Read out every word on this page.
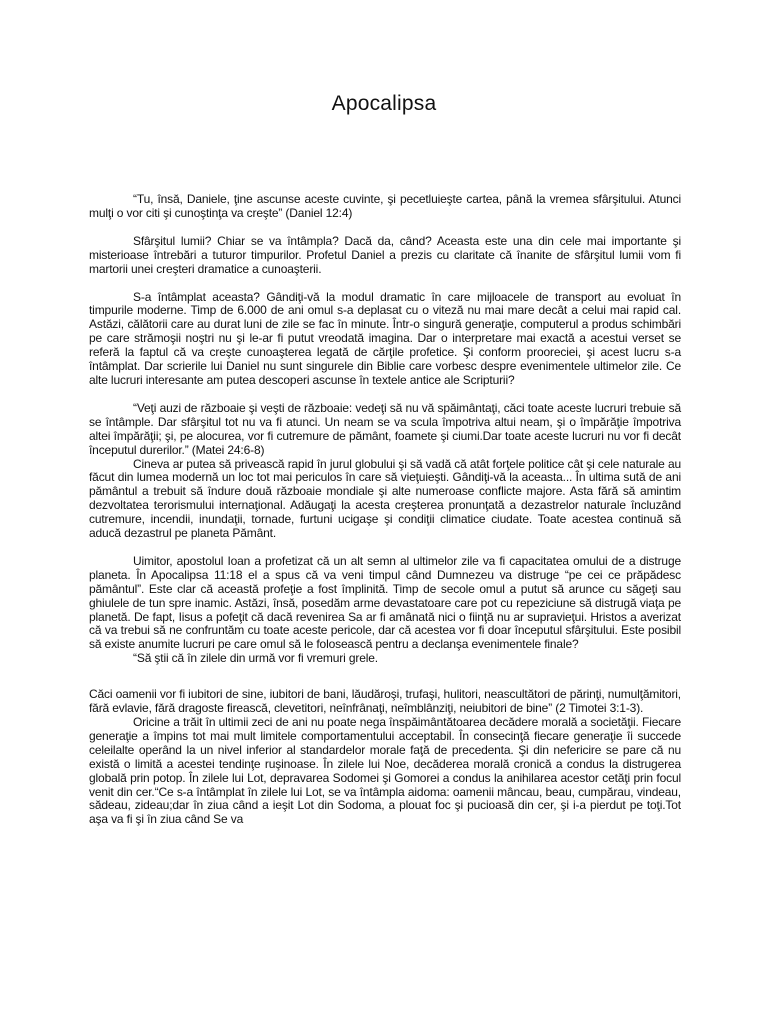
Apocalipsa

“Tu, însă, Daniele, ţine ascunse aceste cuvinte, şi pecetluieşte cartea, până la vremea sfârşitului. Atunci mulţi o vor citi şi cunoştinţa va creşte” (Daniel 12:4)

Sfârşitul lumii? Chiar se va întâmpla? Dacă da, când? Aceasta este una din cele mai importante şi misterioase întrebări a tuturor timpurilor. Profetul Daniel a prezis cu claritate că înanite de sfârşitul lumii vom fi martorii unei creşteri dramatice a cunoaşterii.

S-a întâmplat aceasta? Gândiţi-vă la modul dramatic în care mijloacele de transport au evoluat în timpurile moderne. Timp de 6.000 de ani omul s-a deplasat cu o viteză nu mai mare decât a celui mai rapid cal. Astăzi, călătorii care au durat luni de zile se fac în minute. Într-o singură generaţie, computerul a produs schimbări pe care strămoşii noştri nu şi le-ar fi putut vreodată imagina. Dar o interpretare mai exactă a acestui verset se referă la faptul că va creşte cunoaşterea legată de cărţile profetice. Şi conform prooreciei, şi acest lucru s-a întâmplat. Dar scrierile lui Daniel nu sunt singurele din Biblie care vorbesc despre evenimentele ultimelor zile. Ce alte lucruri interesante am putea descoperi ascunse în textele antice ale Scripturii?

“Veţi auzi de războaie şi veşti de războaie: vedeţi să nu vă spăimântaţi, căci toate aceste lucruri trebuie să se întâmple. Dar sfârşitul tot nu va fi atunci. Un neam se va scula împotriva altui neam, şi o împărăţie împotriva altei împărăţii; şi, pe alocurea, vor fi cutremure de pământ, foamete şi ciumi.Dar toate aceste lucruri nu vor fi decât începutul durerilor.” (Matei 24:6-8)

Cineva ar putea să privească rapid în jurul globului şi să vadă că atât forţele politice cât şi cele naturale au făcut din lumea modernă un loc tot mai periculos în care să vieţuieşti. Gândiţi-vă la aceasta... În ultima sută de ani pământul a trebuit să îndure două războaie mondiale şi alte numeroase conflicte majore. Asta fără să amintim dezvoltatea terorismului internaţional. Adăugaţi la acesta creşterea pronunţată a dezastrelor naturale încluzând cutremure, incendii, inundaţii, tornade, furtuni ucigaşe şi condiţii climatice ciudate. Toate acestea continuă să aducă dezastrul pe planeta Pământ.

Uimitor, apostolul Ioan a profetizat că un alt semn al ultimelor zile va fi capacitatea omului de a distruge planeta. În Apocalipsa 11:18 el a spus că va veni timpul când Dumnezeu va distruge “pe cei ce prăpădesc pământul”. Este clar că această profeţie a fost împlinită. Timp de secole omul a putut să arunce cu săgeţi sau ghiulele de tun spre inamic. Astăzi, însă, posedăm arme devastatoare care pot cu repeziciune să distrugă viaţa pe planetă. De fapt, Iisus a pofeţit că dacă revenirea Sa ar fi amânată nici o fiinţă nu ar supravieţui. Hristos a averizat că va trebui să ne confruntăm cu toate aceste pericole, dar că acestea vor fi doar începutul sfârşitului. Este posibil să existe anumite lucruri pe care omul să le folosească pentru a declanşa evenimentele finale?

“Să ştii că în zilele din urmă vor fi vremuri grele.

Căci oamenii vor fi iubitori de sine, iubitori de bani, lăudăroşi, trufaşi, hulitori, neascultători de părinţi, numulţămitori, fără evlavie, fără dragoste firească, clevetitori, neînfrânaţi, neîmblânziţi, neiubitori de bine” (2 Timotei 3:1-3).

Oricine a trăit în ultimii zeci de ani nu poate nega înspăimântătoarea decădere morală a societăţii. Fiecare generaţie a împins tot mai mult limitele comportamentului acceptabil. În consecinţă fiecare generaţie îi succede celeilalte operând la un nivel inferior al standardelor morale faţă de precedenta. Şi din nefericire se pare că nu există o limită a acestei tendinţe ruşinoase. În zilele lui Noe, decăderea morală cronică a condus la distrugerea globală prin potop. În zilele lui Lot, depravarea Sodomei şi Gomorei a condus la anihilarea acestor cetăţi prin focul venit din cer.“Ce s-a întâmplat în zilele lui Lot, se va întâmpla aidoma: oamenii mâncau, beau, cumpărau, vindeau, sădeau, zideau;dar în ziua când a ieşit Lot din Sodoma, a plouat foc şi pucioasă din cer, şi i-a pierdut pe toţi.Tot aşa va fi şi în ziua când Se va
